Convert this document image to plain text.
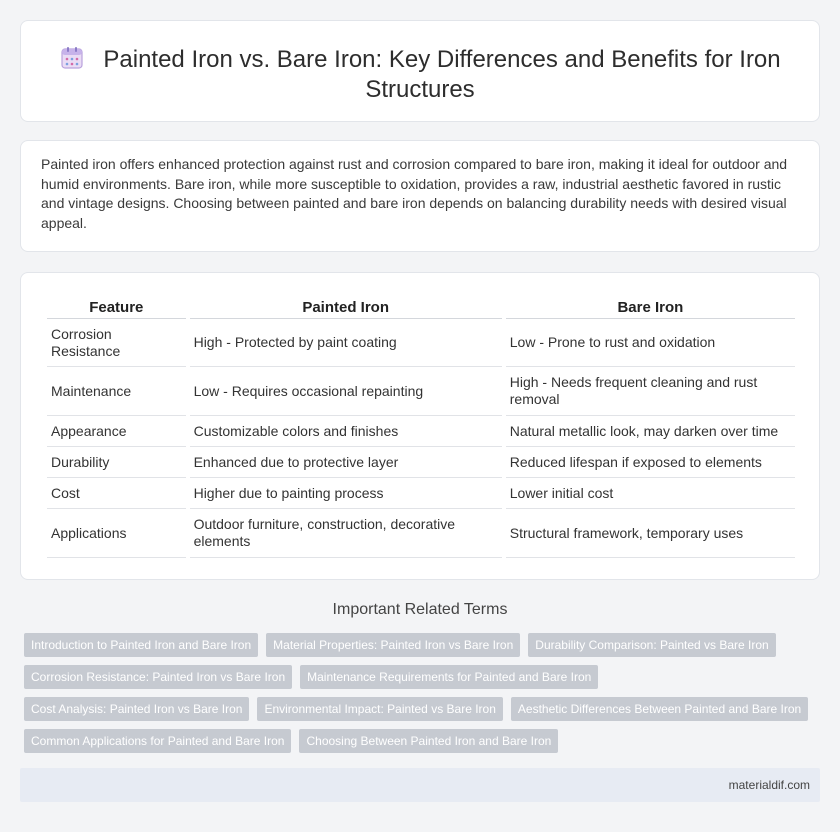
Painted Iron vs. Bare Iron: Key Differences and Benefits for Iron Structures

Painted iron offers enhanced protection against rust and corrosion compared to bare iron, making it ideal for outdoor and humid environments. Bare iron, while more susceptible to oxidation, provides a raw, industrial aesthetic favored in rustic and vintage designs. Choosing between painted and bare iron depends on balancing durability needs with desired visual appeal.

Feature	Painted Iron	Bare Iron
Corrosion Resistance	High - Protected by paint coating	Low - Prone to rust and oxidation
Maintenance	Low - Requires occasional repainting	High - Needs frequent cleaning and rust removal
Appearance	Customizable colors and finishes	Natural metallic look, may darken over time
Durability	Enhanced due to protective layer	Reduced lifespan if exposed to elements
Cost	Higher due to painting process	Lower initial cost
Applications	Outdoor furniture, construction, decorative elements	Structural framework, temporary uses
Important Related Terms
Introduction to Painted Iron and Bare Iron	Material Properties: Painted Iron vs Bare Iron	Durability Comparison: Painted vs Bare Iron
Corrosion Resistance: Painted Iron vs Bare Iron	Maintenance Requirements for Painted and Bare Iron
Cost Analysis: Painted Iron vs Bare Iron	Environmental Impact: Painted vs Bare Iron	Aesthetic Differences Between Painted and Bare Iron
Common Applications for Painted and Bare Iron	Choosing Between Painted Iron and Bare Iron
materialdif.com
